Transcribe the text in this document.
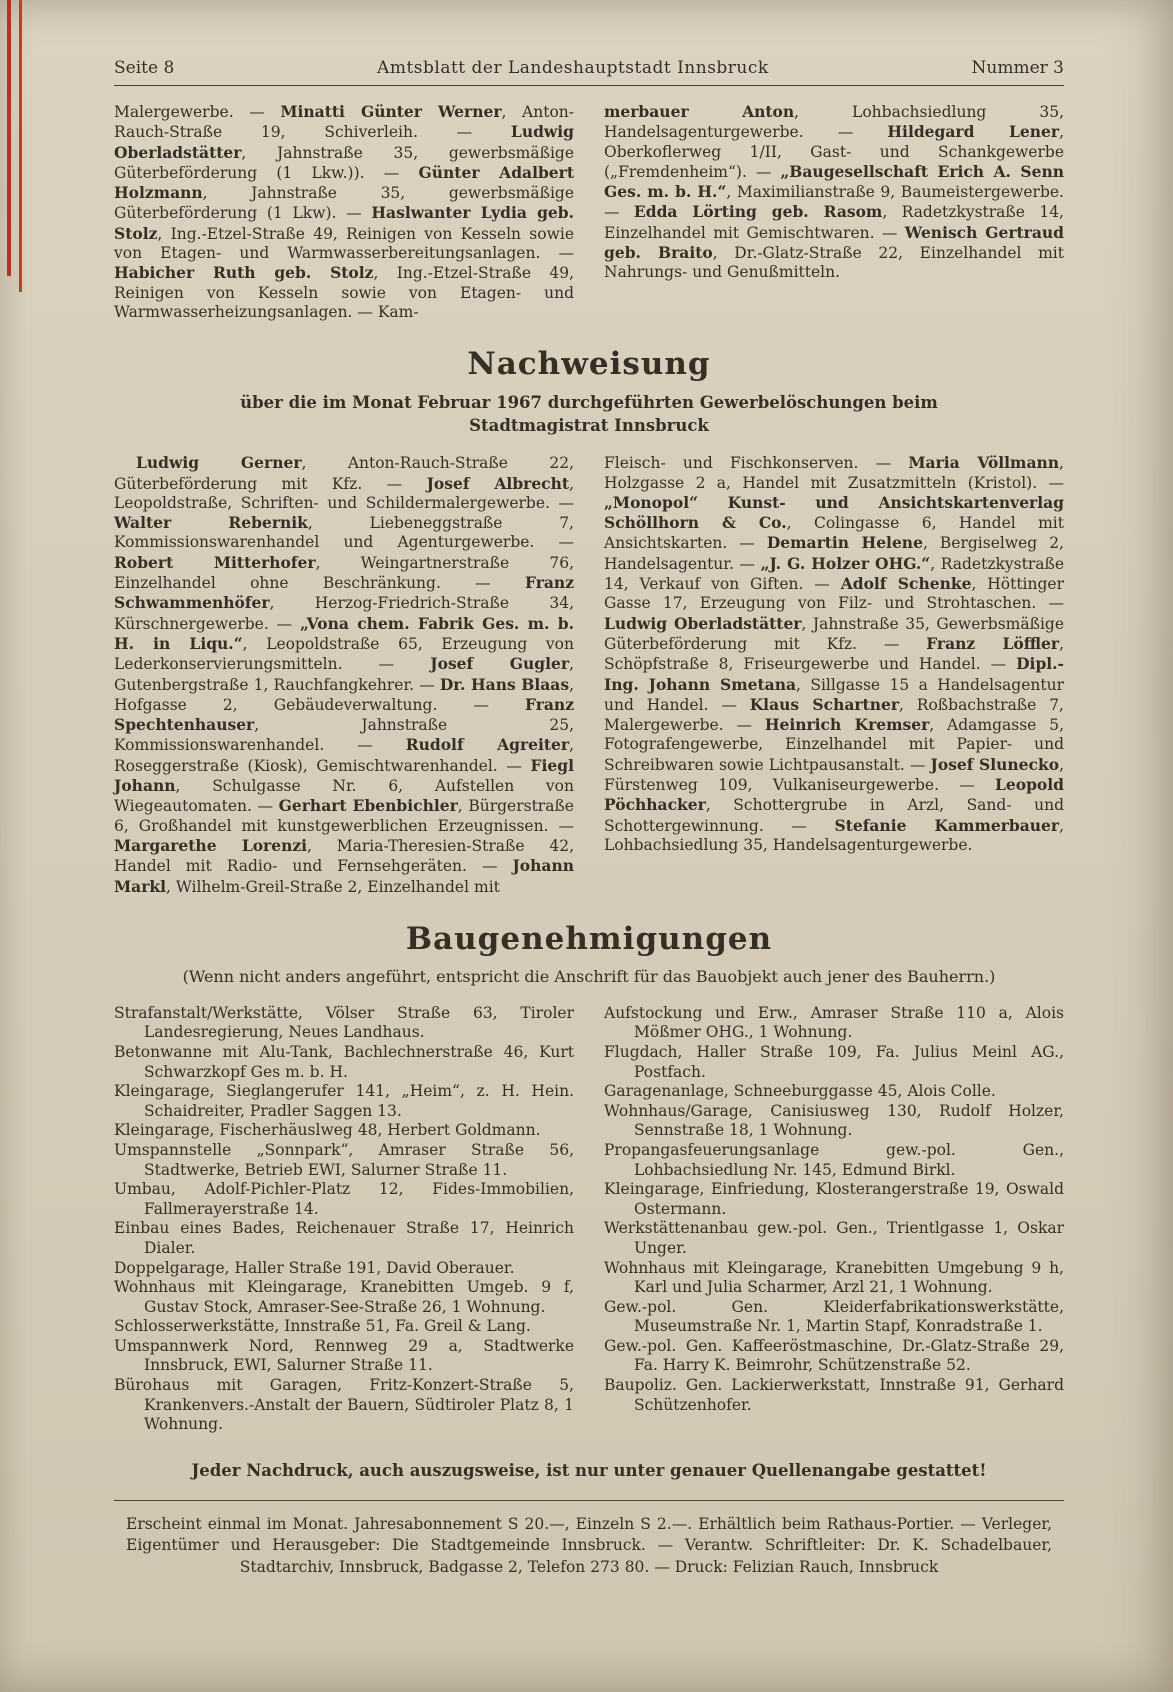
Seite 8	Amtsblatt der Landeshauptstadt Innsbruck	Nummer 3

Malergewerbe. — Minatti Günter Werner, Anton-Rauch-Straße 19, Schiverleih. — Ludwig Oberladstätter, Jahnstraße 35, gewerbsmäßige Güterbeförderung (1 Lkw.)). — Günter Adalbert Holzmann, Jahnstraße 35, gewerbsmäßige Güterbeförderung (1 Lkw). — Haslwanter Lydia geb. Stolz, Ing.-Etzel-Straße 49, Reinigen von Kesseln sowie von Etagen- und Warmwasserbereitungsanlagen. — Habicher Ruth geb. Stolz, Ing.-Etzel-Straße 49, Reinigen von Kesseln sowie von Etagen- und Warmwasserheizungsanlagen. — Kam-

merbauer Anton, Lohbachsiedlung 35, Handelsagenturgewerbe. — Hildegard Lener, Oberkoflerweg 1/II, Gast- und Schankgewerbe („Fremdenheim“). — „Baugesellschaft Erich A. Senn Ges. m. b. H.“, Maximilianstraße 9, Baumeistergewerbe. — Edda Lörting geb. Rasom, Radetzkystraße 14, Einzelhandel mit Gemischtwaren. — Wenisch Gertraud geb. Braito, Dr.-Glatz-Straße 22, Einzelhandel mit Nahrungs- und Genußmitteln.

Nachweisung

über die im Monat Februar 1967 durchgeführten Gewerbelöschungen beim
Stadtmagistrat Innsbruck

Ludwig Gerner, Anton-Rauch-Straße 22, Güterbeförderung mit Kfz. — Josef Albrecht, Leopoldstraße, Schriften- und Schildermalergewerbe. — Walter Rebernik, Liebeneggstraße 7, Kommissionswarenhandel und Agenturgewerbe. — Robert Mitterhofer, Weingartnerstraße 76, Einzelhandel ohne Beschränkung. — Franz Schwammenhöfer, Herzog-Friedrich-Straße 34, Kürschnergewerbe. — „Vona chem. Fabrik Ges. m. b. H. in Liqu.“, Leopoldstraße 65, Erzeugung von Lederkonservierungsmitteln. — Josef Gugler, Gutenbergstraße 1, Rauchfangkehrer. — Dr. Hans Blaas, Hofgasse 2, Gebäudeverwaltung. — Franz Spechtenhauser, Jahnstraße 25, Kommissionswarenhandel. — Rudolf Agreiter, Roseggerstraße (Kiosk), Gemischtwarenhandel. — Fiegl Johann, Schulgasse Nr. 6, Aufstellen von Wiegeautomaten. — Gerhart Ebenbichler, Bürgerstraße 6, Großhandel mit kunstgewerblichen Erzeugnissen. — Margarethe Lorenzi, Maria-Theresien-Straße 42, Handel mit Radio- und Fernsehgeräten. — Johann Markl, Wilhelm-Greil-Straße 2, Einzelhandel mit

Fleisch- und Fischkonserven. — Maria Völlmann, Holzgasse 2 a, Handel mit Zusatzmitteln (Kristol). — „Monopol“ Kunst- und Ansichtskartenverlag Schöllhorn & Co., Colingasse 6, Handel mit Ansichtskarten. — Demartin Helene, Bergiselweg 2, Handelsagentur. — „J. G. Holzer OHG.“, Radetzkystraße 14, Verkauf von Giften. — Adolf Schenke, Höttinger Gasse 17, Erzeugung von Filz- und Strohtaschen. — Ludwig Oberladstätter, Jahnstraße 35, Gewerbsmäßige Güterbeförderung mit Kfz. — Franz Löffler, Schöpfstraße 8, Friseurgewerbe und Handel. — Dipl.-Ing. Johann Smetana, Sillgasse 15 a Handelsagentur und Handel. — Klaus Schartner, Roßbachstraße 7, Malergewerbe. — Heinrich Kremser, Adamgasse 5, Fotografengewerbe, Einzelhandel mit Papier- und Schreibwaren sowie Lichtpausanstalt. — Josef Slunecko, Fürstenweg 109, Vulkaniseurgewerbe. — Leopold Pöchhacker, Schottergrube in Arzl, Sand- und Schottergewinnung. — Stefanie Kammerbauer, Lohbachsiedlung 35, Handelsagenturgewerbe.

Baugenehmigungen

(Wenn nicht anders angeführt, entspricht die Anschrift für das Bauobjekt auch jener des Bauherrn.)

Strafanstalt/Werkstätte, Völser Straße 63, Tiroler Landesregierung, Neues Landhaus.

Betonwanne mit Alu-Tank, Bachlechnerstraße 46, Kurt Schwarzkopf Ges m. b. H.

Kleingarage, Sieglangerufer 141, „Heim“, z. H. Hein. Schaidreiter, Pradler Saggen 13.

Kleingarage, Fischerhäuslweg 48, Herbert Goldmann.

Umspannstelle „Sonnpark“, Amraser Straße 56, Stadtwerke, Betrieb EWI, Salurner Straße 11.

Umbau, Adolf-Pichler-Platz 12, Fides-Immobilien, Fallmerayerstraße 14.

Einbau eines Bades, Reichenauer Straße 17, Heinrich Dialer.

Doppelgarage, Haller Straße 191, David Oberauer.

Wohnhaus mit Kleingarage, Kranebitten Umgeb. 9 f, Gustav Stock, Amraser-See-Straße 26, 1 Wohnung.

Schlosserwerkstätte, Innstraße 51, Fa. Greil & Lang.

Umspannwerk Nord, Rennweg 29 a, Stadtwerke Innsbruck, EWI, Salurner Straße 11.

Bürohaus mit Garagen, Fritz-Konzert-Straße 5, Krankenvers.-Anstalt der Bauern, Südtiroler Platz 8, 1 Wohnung.

Aufstockung und Erw., Amraser Straße 110 a, Alois Mößmer OHG., 1 Wohnung.

Flugdach, Haller Straße 109, Fa. Julius Meinl AG., Postfach.

Garagenanlage, Schneeburggasse 45, Alois Colle.

Wohnhaus/Garage, Canisiusweg 130, Rudolf Holzer, Sennstraße 18, 1 Wohnung.

Propangasfeuerungsanlage gew.-pol. Gen., Lohbachsiedlung Nr. 145, Edmund Birkl.

Kleingarage, Einfriedung, Klosterangerstraße 19, Oswald Ostermann.

Werkstättenanbau gew.-pol. Gen., Trientlgasse 1, Oskar Unger.

Wohnhaus mit Kleingarage, Kranebitten Umgebung 9 h, Karl und Julia Scharmer, Arzl 21, 1 Wohnung.

Gew.-pol. Gen. Kleiderfabrikationswerkstätte, Museumstraße Nr. 1, Martin Stapf, Konradstraße 1.

Gew.-pol. Gen. Kaffeeröstmaschine, Dr.-Glatz-Straße 29, Fa. Harry K. Beimrohr, Schützenstraße 52.

Baupoliz. Gen. Lackierwerkstatt, Innstraße 91, Gerhard Schützenhofer.

Jeder Nachdruck, auch auszugsweise, ist nur unter genauer Quellenangabe gestattet!

Erscheint einmal im Monat. Jahresabonnement S 20.—, Einzeln S 2.—. Erhältlich beim Rathaus-Portier. — Verleger, Eigentümer und Herausgeber: Die Stadtgemeinde Innsbruck. — Verantw. Schriftleiter: Dr. K. Schadelbauer, Stadtarchiv, Innsbruck, Badgasse 2, Telefon 273 80. — Druck: Felizian Rauch, Innsbruck
